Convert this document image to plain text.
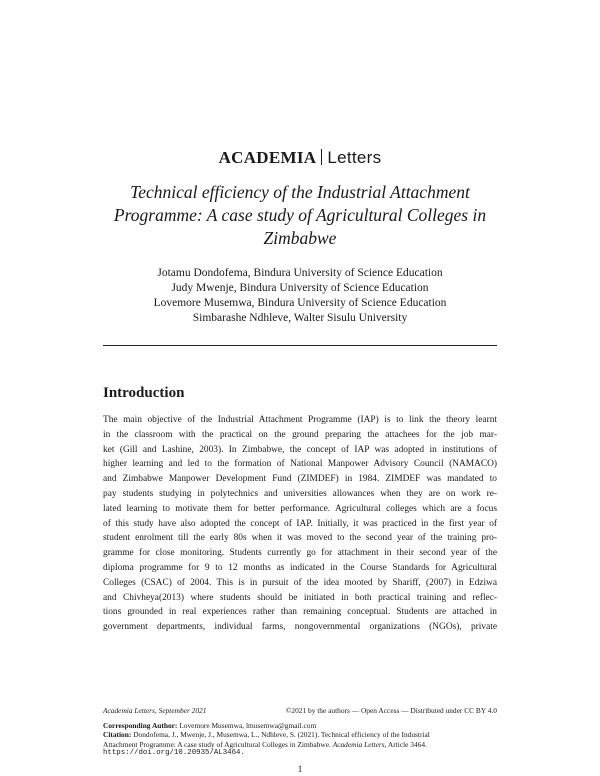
ACADEMIA Letters
Technical efficiency of the Industrial Attachment
Programme: A case study of Agricultural Colleges in
Zimbabwe
Jotamu Dondofema, Bindura University of Science Education
Judy Mwenje, Bindura University of Science Education
Lovemore Musemwa, Bindura University of Science Education
Simbarashe Ndhleve, Walter Sisulu University
Introduction
The main objective of the Industrial Attachment Programme (IAP) is to link the theory learnt
in the classroom with the practical on the ground preparing the attachees for the job mar-
ket (Gill and Lashine, 2003). In Zimbabwe, the concept of IAP was adopted in institutions of
higher learning and led to the formation of National Manpower Advisory Council (NAMACO)
and Zimbabwe Manpower Development Fund (ZIMDEF) in 1984. ZIMDEF was mandated to
pay students studying in polytechnics and universities allowances when they are on work re-
lated learning to motivate them for better performance. Agricultural colleges which are a focus
of this study have also adopted the concept of IAP. Initially, it was practiced in the first year of
student enrolment till the early 80s when it was moved to the second year of the training pro-
gramme for close monitoring. Students currently go for attachment in their second year of the
diploma programme for 9 to 12 months as indicated in the Course Standards for Agricultural
Colleges (CSAC) of 2004. This is in pursuit of the idea mooted by Shariff, (2007) in Edziwa
and Chivheya(2013) where students should be initiated in both practical training and reflec-
tions grounded in real experiences rather than remaining conceptual. Students are attached in
government departments, individual farms, nongovernmental organizations (NGOs), private
Academia Letters, September 2021	©2021 by the authors — Open Access — Distributed under CC BY 4.0
Corresponding Author: Lovemore Musemwa, lmusemwa@gmail.com
Citation: Dondofema, J., Mwenje, J., Musemwa, L., Ndhleve, S. (2021). Technical efficiency of the Industrial
Attachment Programme: A case study of Agricultural Colleges in Zimbabwe. Academia Letters, Article 3464.
https://doi.org/10.20935/AL3464.
1
